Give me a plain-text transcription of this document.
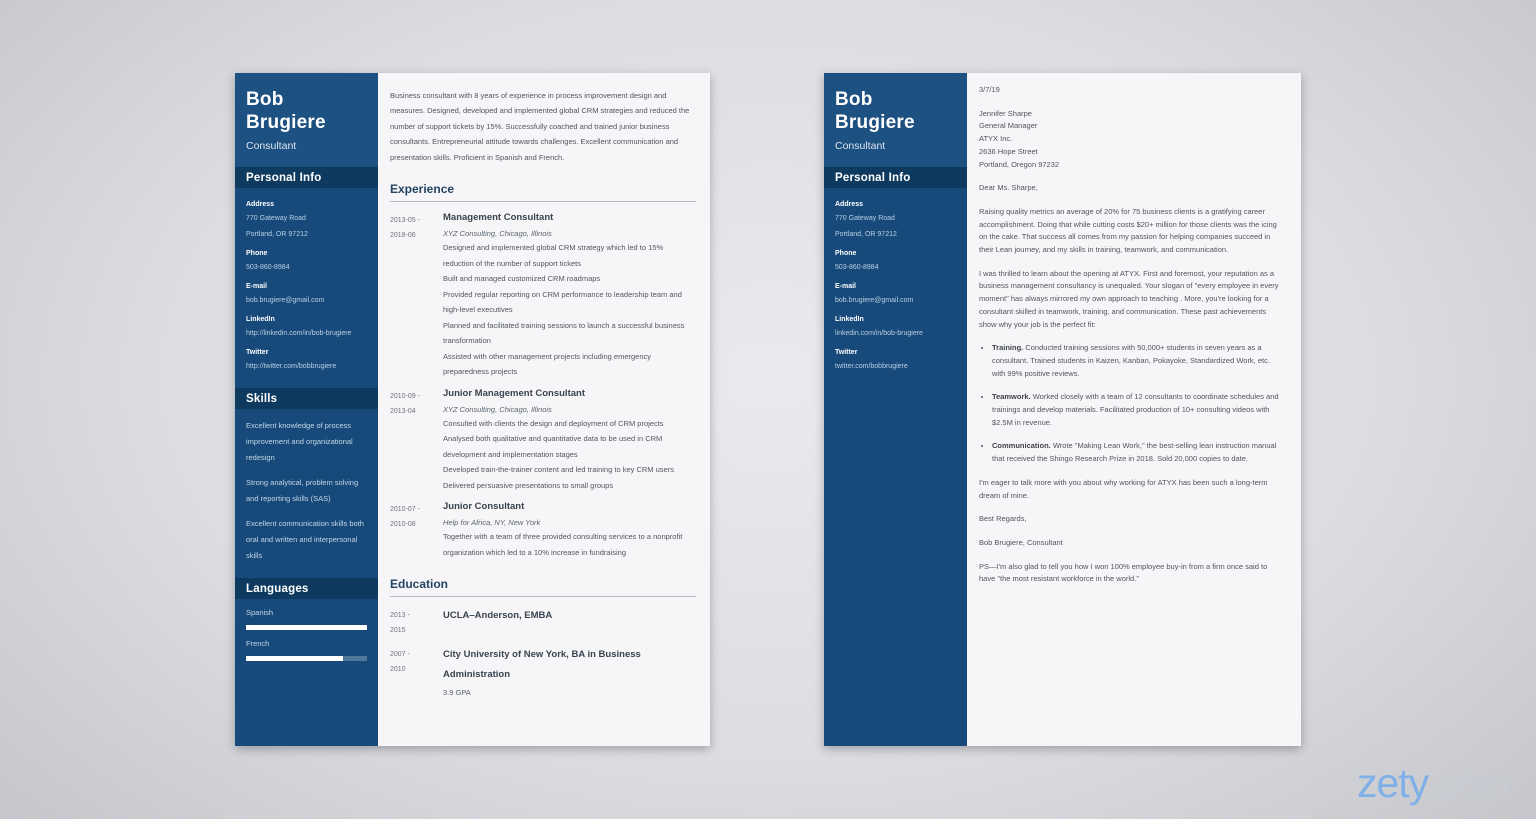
Bob Brugiere
Consultant
Personal Info
Address
770 Gateway Road
Portland, OR 97212
Phone
503-860-8984
E-mail
bob.brugiere@gmail.com
LinkedIn
http://linkedin.com/in/bob-brugiere
Twitter
http://twitter.com/bobbrugiere
Skills
Excellent knowledge of process improvement and organizational redesign
Strong analytical, problem solving and reporting skills (SAS)
Excellent communication skills both oral and written and interpersonal skills
Languages
Spanish
French
Business consultant with 8 years of experience in process improvement design and measures. Designed, developed and implemented global CRM strategies and reduced the number of support tickets by 15%. Successfully coached and trained junior business consultants. Entrepreneurial attitude towards challenges. Excellent communication and presentation skills. Proficient in Spanish and French.
Experience
2013-05 -
2018-06
Management Consultant
XYZ Consulting, Chicago, Illinois
Designed and implemented global CRM strategy which led to 15% reduction of the number of support tickets
Built and managed customized CRM roadmaps
Provided regular reporting on CRM performance to leadership team and high-level executives
Planned and facilitated training sessions to launch a successful business transformation
Assisted with other management projects including emergency preparedness projects
2010-09 -
2013-04
Junior Management Consultant
XYZ Consulting, Chicago, Illinois
Consulted with clients the design and deployment of CRM projects
Analysed both qualitative and quantitative data to be used in CRM development and implementation stages
Developed train-the-trainer content and led training to key CRM users
Delivered persuasive presentations to small groups
2010-07 -
2010-08
Junior Consultant
Help for Africa, NY, New York
Together with a team of three provided consulting services to a nonprofit organization which led to a 10% increase in fundraising
Education
2013 -
2015
UCLA–Anderson, EMBA
2007 -
2010
City University of New York, BA in Business Administration
3.9 GPA
Bob Brugiere
Consultant
Personal Info
Address
770 Gateway Road
Portland, OR 97212
Phone
503-860-8984
E-mail
bob.brugiere@gmail.com
LinkedIn
linkedin.com/in/bob-brugiere
Twitter
twitter.com/bobbrugiere
3/7/19
Jennifer Sharpe
General Manager
ATYX Inc.
2636 Hope Street
Portland, Oregon 97232
Dear Ms. Sharpe,
Raising quality metrics an average of 20% for 75 business clients is a gratifying career accomplishment. Doing that while cutting costs $20+ million for those clients was the icing on the cake. That success all comes from my passion for helping companies succeed in their Lean journey, and my skills in training, teamwork, and communication.
I was thrilled to learn about the opening at ATYX. First and foremost, your reputation as a business management consultancy is unequaled. Your slogan of "every employee in every moment" has always mirrored my own approach to teaching . More, you're looking for a consultant skilled in teamwork, training, and communication. These past achievements show why your job is the perfect fit:
• Training. Conducted training sessions with 50,000+ students in seven years as a consultant. Trained students in Kaizen, Kanban, Pokayoke, Standardized Work, etc. with 99% positive reviews.
• Teamwork. Worked closely with a team of 12 consultants to coordinate schedules and trainings and develop materials. Facilitated production of 10+ consulting videos with $2.5M in revenue.
• Communication. Wrote "Making Lean Work," the best-selling lean instruction manual that received the Shingo Research Prize in 2018. Sold 20,000 copies to date.
I'm eager to talk more with you about why working for ATYX has been such a long-term dream of mine.
Best Regards,
Bob Brugiere, Consultant
PS—I'm also glad to tell you how I won 100% employee buy-in from a firm once said to have "the most resistant workforce in the world."
zety.com
